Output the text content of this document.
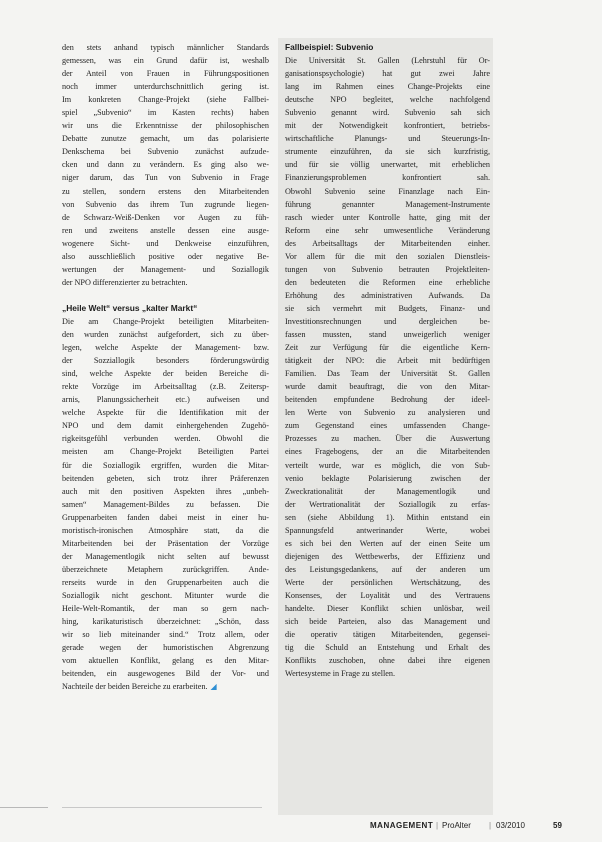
den stets anhand typisch männlicher Standards

gemessen, was ein Grund dafür ist, weshalb

der Anteil von Frauen in Führungspositionen

noch immer unterdurchschnittlich gering ist.

Im konkreten Change-Projekt (siehe Fallbei-

spiel „Subvenio“ im Kasten rechts) haben

wir uns die Erkenntnisse der philosophischen

Debatte zunutze gemacht, um das polarisierte

Denkschema bei Subvenio zunächst aufzude-

cken und dann zu verändern. Es ging also we-

niger darum, das Tun von Subvenio in Frage

zu stellen, sondern erstens den Mitarbeitenden

von Subvenio das ihrem Tun zugrunde liegen-

de Schwarz-Weiß-Denken vor Augen zu füh-

ren und zweitens anstelle dessen eine ausge-

wogenere Sicht- und Denkweise einzuführen,

also ausschließlich positive oder negative Be-

wertungen der Management- und Soziallogik

der NPO differenzierter zu betrachten.

„Heile Welt“ versus „kalter Markt“

Die am Change-Projekt beteiligten Mitarbeiten-

den wurden zunächst aufgefordert, sich zu über-

legen, welche Aspekte der Management- bzw.

der Sozziallogik besonders förderungswürdig

sind, welche Aspekte der beiden Bereiche di-

rekte Vorzüge im Arbeitsalltag (z.B. Zeitersp-

arnis, Planungssicherheit etc.) aufweisen und

welche Aspekte für die Identifikation mit der

NPO und dem damit einhergehenden Zugehö-

rigkeitsgefühl verbunden werden. Obwohl die

meisten am Change-Projekt Beteiligten Partei

für die Soziallogik ergriffen, wurden die Mitar-

beitenden gebeten, sich trotz ihrer Präferenzen

auch mit den positiven Aspekten ihres „unbeh-

samen“ Management-Bildes zu befassen. Die

Gruppenarbeiten fanden dabei meist in einer hu-

moristisch-ironischen Atmosphäre statt, da die

Mitarbeitenden bei der Präsentation der Vorzüge

der Managementlogik nicht selten auf bewusst

überzeichnete Metaphern zurückgriffen. Ande-

rerseits wurde in den Gruppenarbeiten auch die

Soziallogik nicht geschont. Mitunter wurde die

Heile-Welt-Romantik, der man so gern nach-

hing, karikaturistisch überzeichnet: „Schön, dass

wir so lieb miteinander sind.“ Trotz allem, oder

gerade wegen der humoristischen Abgrenzung

vom aktuellen Konflikt, gelang es den Mitar-

beitenden, ein ausgewogenes Bild der Vor- und

Nachteile der beiden Bereiche zu erarbeiten. ◢

Fallbeispiel: Subvenio

Die Universität St. Gallen (Lehrstuhl für Or-

ganisationspsychologie) hat gut zwei Jahre

lang im Rahmen eines Change-Projekts eine

deutsche NPO begleitet, welche nachfolgend

Subvenio genannt wird. Subvenio sah sich

mit der Notwendigkeit konfrontiert, betriebs-

wirtschaftliche Planungs- und Steuerungs-In-

strumente einzuführen, da sie sich kurzfristig,

und für sie völlig unerwartet, mit erheblichen

Finanzierungsproblemen konfrontiert sah.

Obwohl Subvenio seine Finanzlage nach Ein-

führung genannter Management-Instrumente

rasch wieder unter Kontrolle hatte, ging mit der

Reform eine sehr umwesentliche Veränderung

des Arbeitsalltags der Mitarbeitenden einher.

Vor allem für die mit den sozialen Dienstleis-

tungen von Subvenio betrauten Projektleiten-

den bedeuteten die Reformen eine erhebliche

Erhöhung des administrativen Aufwands. Da

sie sich vermehrt mit Budgets, Finanz- und

Investitionsrechnungen und dergleichen be-

fassen mussten, stand unweigerlich weniger

Zeit zur Verfügung für die eigentliche Kern-

tätigkeit der NPO: die Arbeit mit bedürftigen

Familien. Das Team der Universität St. Gallen

wurde damit beauftragt, die von den Mitar-

beitenden empfundene Bedrohung der ideel-

len Werte von Subvenio zu analysieren und

zum Gegenstand eines umfassenden Change-

Prozesses zu machen. Über die Auswertung

eines Fragebogens, der an die Mitarbeitenden

verteilt wurde, war es möglich, die von Sub-

venio beklagte Polarisierung zwischen der

Zweckrationalität der Managementlogik und

der Wertrationalität der Soziallogik zu erfas-

sen (siehe Abbildung 1). Mithin entstand ein

Spannungsfeld antwerinander Werte, wobei

es sich bei den Werten auf der einen Seite um

diejenigen des Wettbewerbs, der Effizienz und

des Leistungsgedankens, auf der anderen um

Werte der persönlichen Wertschätzung, des

Konsenses, der Loyalität und des Vertrauens

handelte. Dieser Konflikt schien unlösbar, weil

sich beide Parteien, also das Management und

die operativ tätigen Mitarbeitenden, gegensei-

tig die Schuld an Entstehung und Erhalt des

Konflikts zuschoben, ohne dabei ihre eigenen

Wertesysteme in Frage zu stellen.

MANAGEMENT | ProAlter | 03/2010	59
